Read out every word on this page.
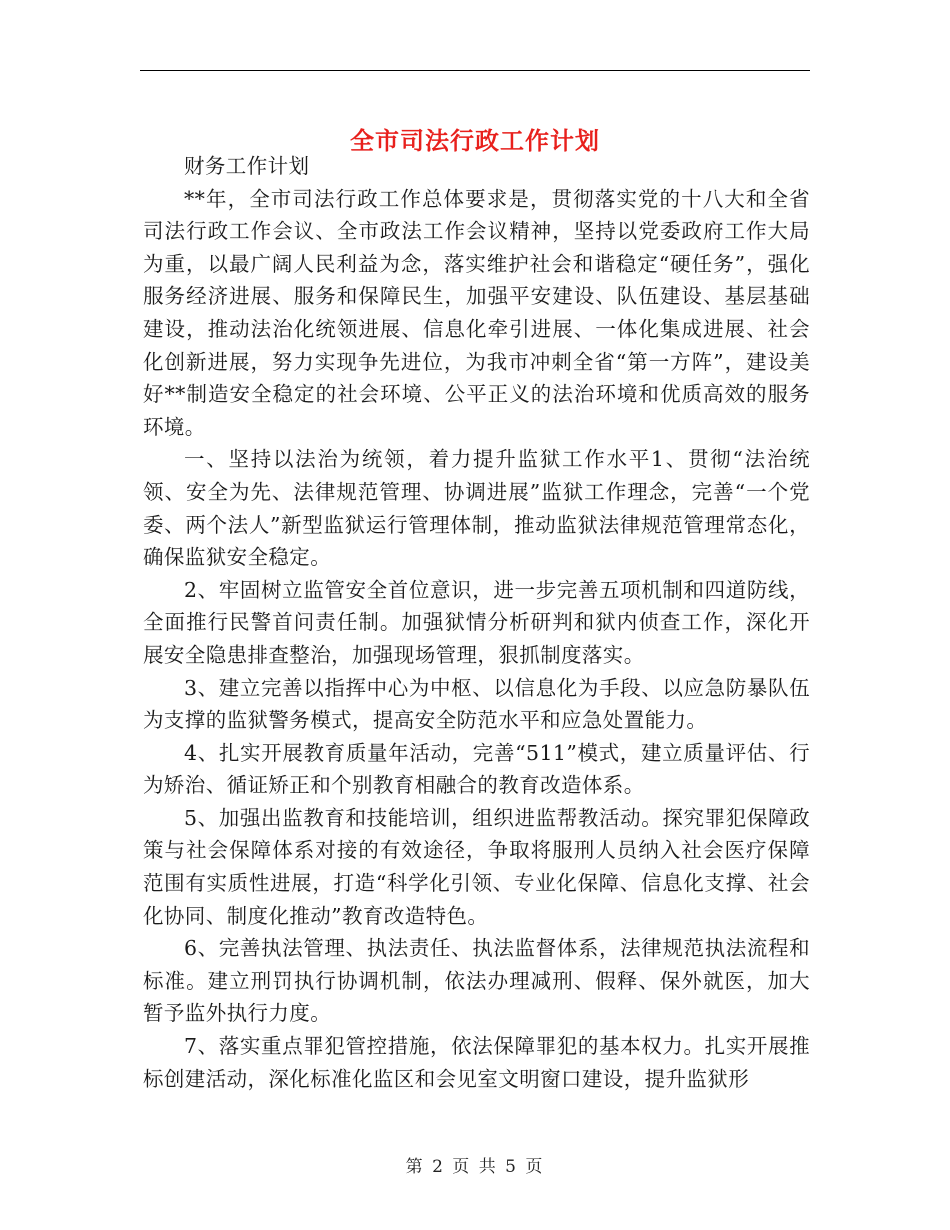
全市司法行政工作计划

财务工作计划

**年，全市司法行政工作总体要求是，贯彻落实党的十八大和全省司法行政工作会议、全市政法工作会议精神，坚持以党委政府工作大局为重，以最广阔人民利益为念，落实维护社会和谐稳定“硬任务”，强化服务经济进展、服务和保障民生，加强平安建设、队伍建设、基层基础建设，推动法治化统领进展、信息化牵引进展、一体化集成进展、社会化创新进展，努力实现争先进位，为我市冲刺全省“第一方阵”，建设美好**制造安全稳定的社会环境、公平正义的法治环境和优质高效的服务环境。

一、坚持以法治为统领，着力提升监狱工作水平1、贯彻“法治统领、安全为先、法律规范管理、协调进展”监狱工作理念，完善“一个党委、两个法人”新型监狱运行管理体制，推动监狱法律规范管理常态化，确保监狱安全稳定。

2、牢固树立监管安全首位意识，进一步完善五项机制和四道防线，全面推行民警首问责任制。加强狱情分析研判和狱内侦查工作，深化开展安全隐患排查整治，加强现场管理，狠抓制度落实。

3、建立完善以指挥中心为中枢、以信息化为手段、以应急防暴队伍为支撑的监狱警务模式，提高安全防范水平和应急处置能力。

4、扎实开展教育质量年活动，完善“511”模式，建立质量评估、行为矫治、循证矫正和个别教育相融合的教育改造体系。

5、加强出监教育和技能培训，组织进监帮教活动。探究罪犯保障政策与社会保障体系对接的有效途径，争取将服刑人员纳入社会医疗保障范围有实质性进展，打造“科学化引领、专业化保障、信息化支撑、社会化协同、制度化推动”教育改造特色。

6、完善执法管理、执法责任、执法监督体系，法律规范执法流程和标准。建立刑罚执行协调机制，依法办理减刑、假释、保外就医，加大暂予监外执行力度。

7、落实重点罪犯管控措施，依法保障罪犯的基本权力。扎实开展推标创建活动，深化标准化监区和会见室文明窗口建设，提升监狱形

第 2 页 共 5 页
